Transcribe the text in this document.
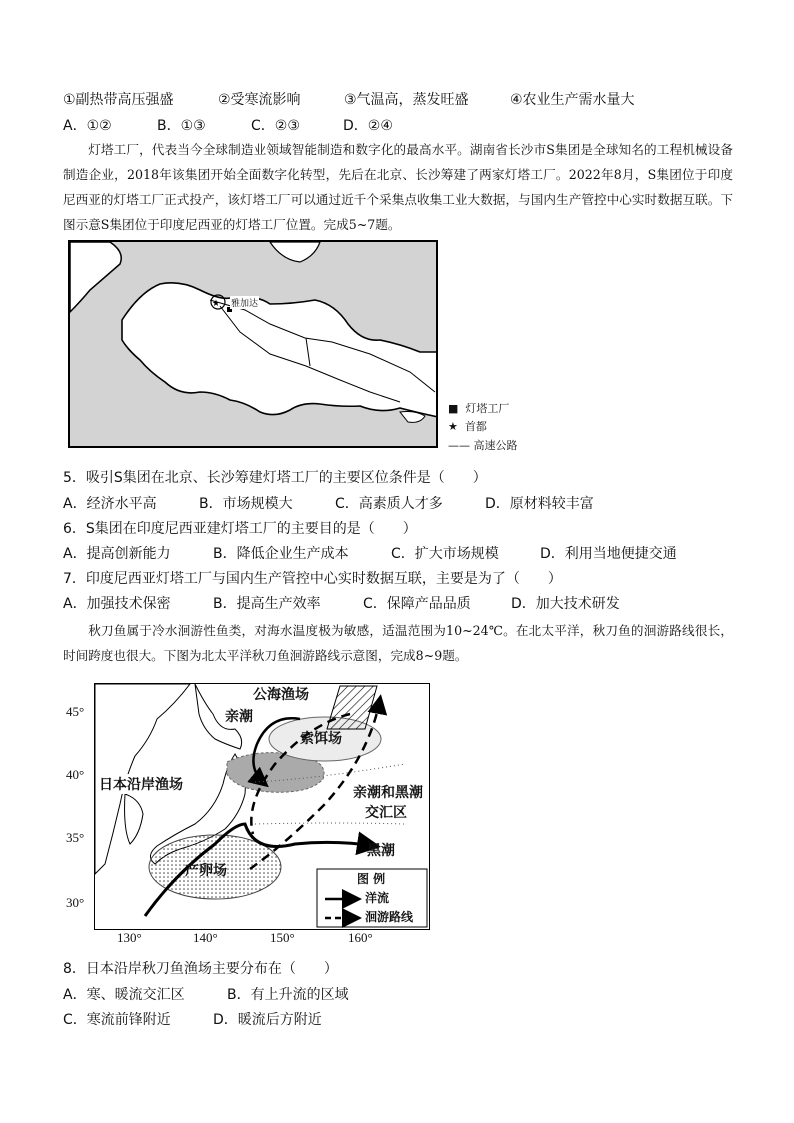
①副热带高压强盛	②受寒流影响	③气温高，蒸发旺盛	④农业生产需水量大
A．①②	B．①③	C．②③	D．②④

灯塔工厂，代表当今全球制造业领域智能制造和数字化的最高水平。湖南省长沙市S集团是全球知名的工程机械设备制造企业，2018年该集团开始全面数字化转型，先后在北京、长沙筹建了两家灯塔工厂。2022年8月，S集团位于印度尼西亚的灯塔工厂正式投产，该灯塔工厂可以通过近千个采集点收集工业大数据，与国内生产管控中心实时数据互联。下图示意S集团位于印度尼西亚的灯塔工厂位置。完成5~7题。

★ 雅加达
■ 灯塔工厂
★ 首都
—— 高速公路
5．吸引S集团在北京、长沙筹建灯塔工厂的主要区位条件是（　　）
A．经济水平高	B．市场规模大	C．高素质人才多	D．原材料较丰富
6．S集团在印度尼西亚建灯塔工厂的主要目的是（　　）
A．提高创新能力	B．降低企业生产成本	C．扩大市场规模	D．利用当地便捷交通
7．印度尼西亚灯塔工厂与国内生产管控中心实时数据互联，主要是为了（　　）
A．加强技术保密	B．提高生产效率	C．保障产品品质	D．加大技术研发

秋刀鱼属于冷水洄游性鱼类，对海水温度极为敏感，适温范围为10~24℃。在北太平洋，秋刀鱼的洄游路线很长，时间跨度也很大。下图为北太平洋秋刀鱼洄游路线示意图，完成8~9题。

公海渔场
亲潮
索饵场
日本沿岸渔场	亲潮和黑潮
交汇区
黑潮
产卵场	图 例
洋流
洄游路线
45°
40°
35°
30°
130°	140°	150°	160°
8．日本沿岸秋刀鱼渔场主要分布在（　　）
A．寒、暖流交汇区	B．有上升流的区域
C．寒流前锋附近	D．暖流后方附近
